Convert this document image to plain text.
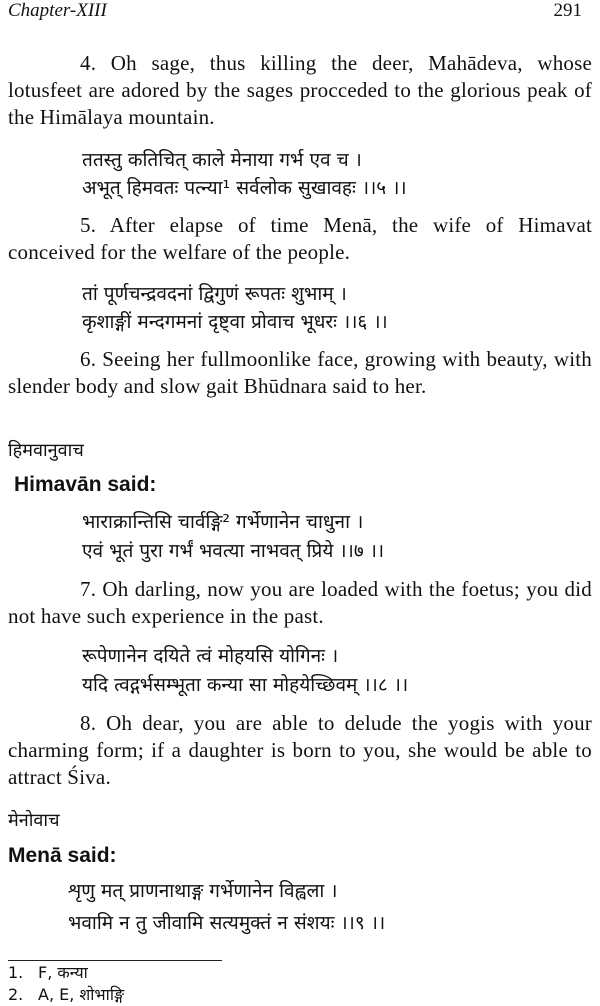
Chapter-XIII	291
4. Oh sage, thus killing the deer, Mahādeva, whose lotusfeet are adored by the sages procceded to the glorious peak of the Himālaya mountain.
ततस्तु कतिचित् काले मेनाया गर्भ एव च ।
अभूत् हिमवतः पत्न्या¹ सर्वलोक सुखावहः ।।५ ।।
5. After elapse of time Menā, the wife of Himavat conceived for the welfare of the people.
तां पूर्णचन्द्रवदनां द्विगुणं रूपतः शुभाम् ।
कृशाङ्गीं मन्दगमनां दृष्ट्वा प्रोवाच भूधरः ।।६ ।।
6. Seeing her fullmoonlike face, growing with beauty, with slender body and slow gait Bhūdnara said to her.
हिमवानुवाच
Himavān said:
भाराक्रान्तिसि चार्वङ्गि² गर्भेणानेन चाधुना ।
एवं भूतं पुरा गर्भं भवत्या नाभवत् प्रिये ।।७ ।।
7. Oh darling, now you are loaded with the foetus; you did not have such experience in the past.
रूपेणानेन दयिते त्वं मोहयसि योगिनः ।
यदि त्वद्गर्भसम्भूता कन्या सा मोहयेच्छिवम् ।।८ ।।
8. Oh dear, you are able to delude the yogis with your charming form; if a daughter is born to you, she would be able to attract Śiva.
मेनोवाच
Menā said:
शृणु मत् प्राणनाथाङ्ग गर्भेणानेन विह्वला ।
भवामि न तु जीवामि सत्यमुक्तं न संशयः ।।९ ।।
1. F, कन्या
2. A, E, शोभाङ्गि
